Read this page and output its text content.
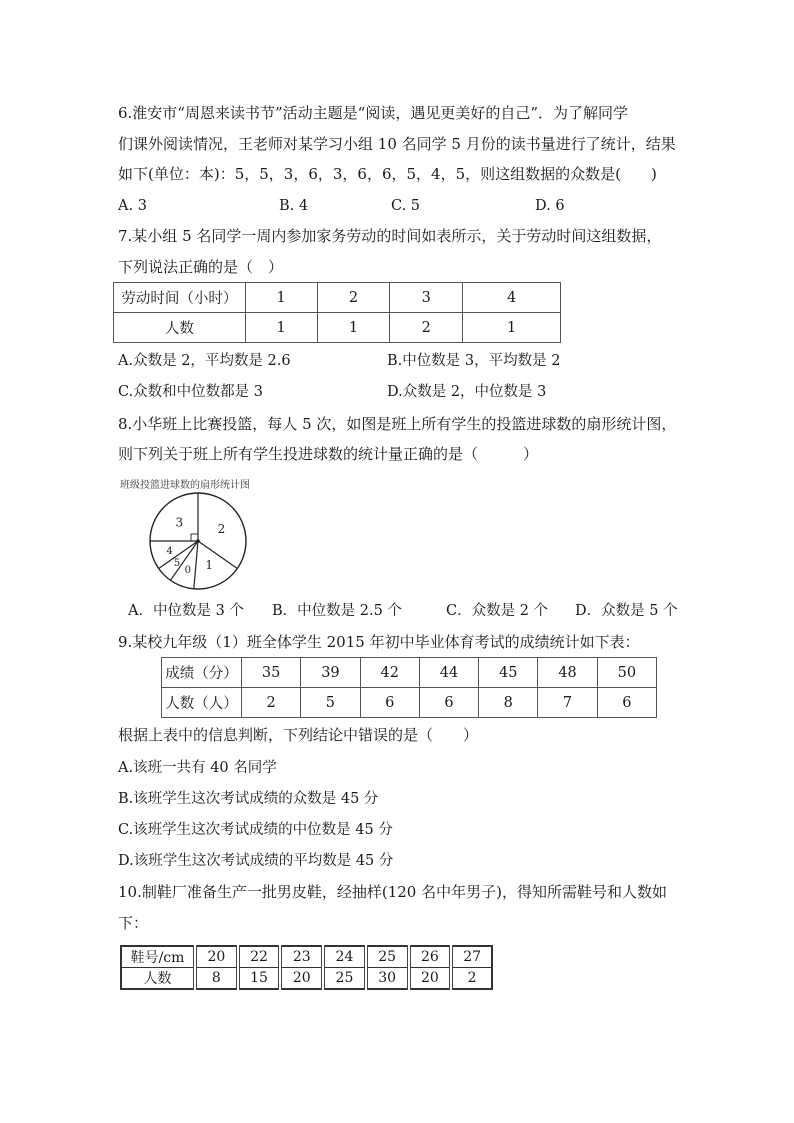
6.淮安市“周恩来读书节”活动主题是“阅读，遇见更美好的自己”．为了解同学
们课外阅读情况，王老师对某学习小组 10 名同学 5 月份的读书量进行了统计，结果
如下(单位：本)：5，5，3，6，3，6，6，5，4，5，则这组数据的众数是(　　)
A. 3	B. 4	C. 5	D. 6
7.某小组 5 名同学一周内参加家务劳动的时间如表所示，关于劳动时间这组数据，
下列说法正确的是（　）
劳动时间（小时）	1	2	3	4
人数	1	1	2	1
A.众数是 2，平均数是 2.6	B.中位数是 3，平均数是 2
C.众数和中位数都是 3	D.众数是 2，中位数是 3
8.小华班上比赛投篮，每人 5 次，如图是班上所有学生的投篮进球数的扇形统计图，
则下列关于班上所有学生投进球数的统计量正确的是（　　　）
班级投篮进球数的扇形统计图
2
1
0
5
4
3
A．中位数是 3 个 B．中位数是 2.5 个	C．众数是 2 个 D．众数是 5 个
9.某校九年级（1）班全体学生 2015 年初中毕业体育考试的成绩统计如下表：
成绩（分）	35	39	42	44	45	48	50
人数（人）	2	5	6	6	8	7	6
根据上表中的信息判断，下列结论中错误的是（　　）
A.该班一共有 40 名同学
B.该班学生这次考试成绩的众数是 45 分
C.该班学生这次考试成绩的中位数是 45 分
D.该班学生这次考试成绩的平均数是 45 分
10.制鞋厂准备生产一批男皮鞋，经抽样(120 名中年男子)，得知所需鞋号和人数如
下：
鞋号/cm	20	22	23	24	25	26	27
人数	8	15	20	25	30	20	2
